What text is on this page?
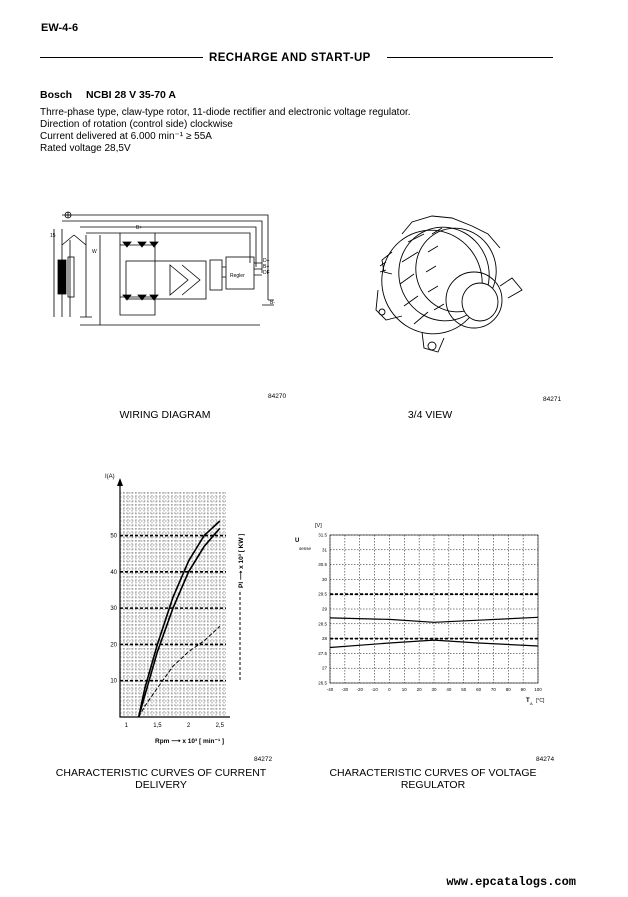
EW-4-6
RECHARGE AND START-UP
Bosch NCBI 28 V 35-70 A
Thrre-phase type, claw-type rotor, 11-diode rectifier and electronic voltage regulator.
Direction of rotation (control side) clockwise
Current delivered at 6.000 min⁻¹ ≥ 55A
Rated voltage 28,5V
15
B+
W
Regler
D+
B+
DF
B-
84270
WIRING DIAGRAM
84271
3/4 VIEW
I(A)
10
20
30
40
50
1	1,5	2	2,5
Rpm ⟶ x 10³ [ min⁻¹ ]
Pl ⟶ x 10³ [ KW ]
84272
CHARACTERISTIC CURVES OF CURRENT
DELIVERY
[V]
U
sense
26.5
27
27.5
28
28.5
29
29.5
30
30.5
31
31.5
-40 -30 -20 -10 0 10 20 30 40 50 60 70 80 90 100
T A [°C]
84274
CHARACTERISTIC CURVES OF VOLTAGE
REGULATOR
www.epcatalogs.com
